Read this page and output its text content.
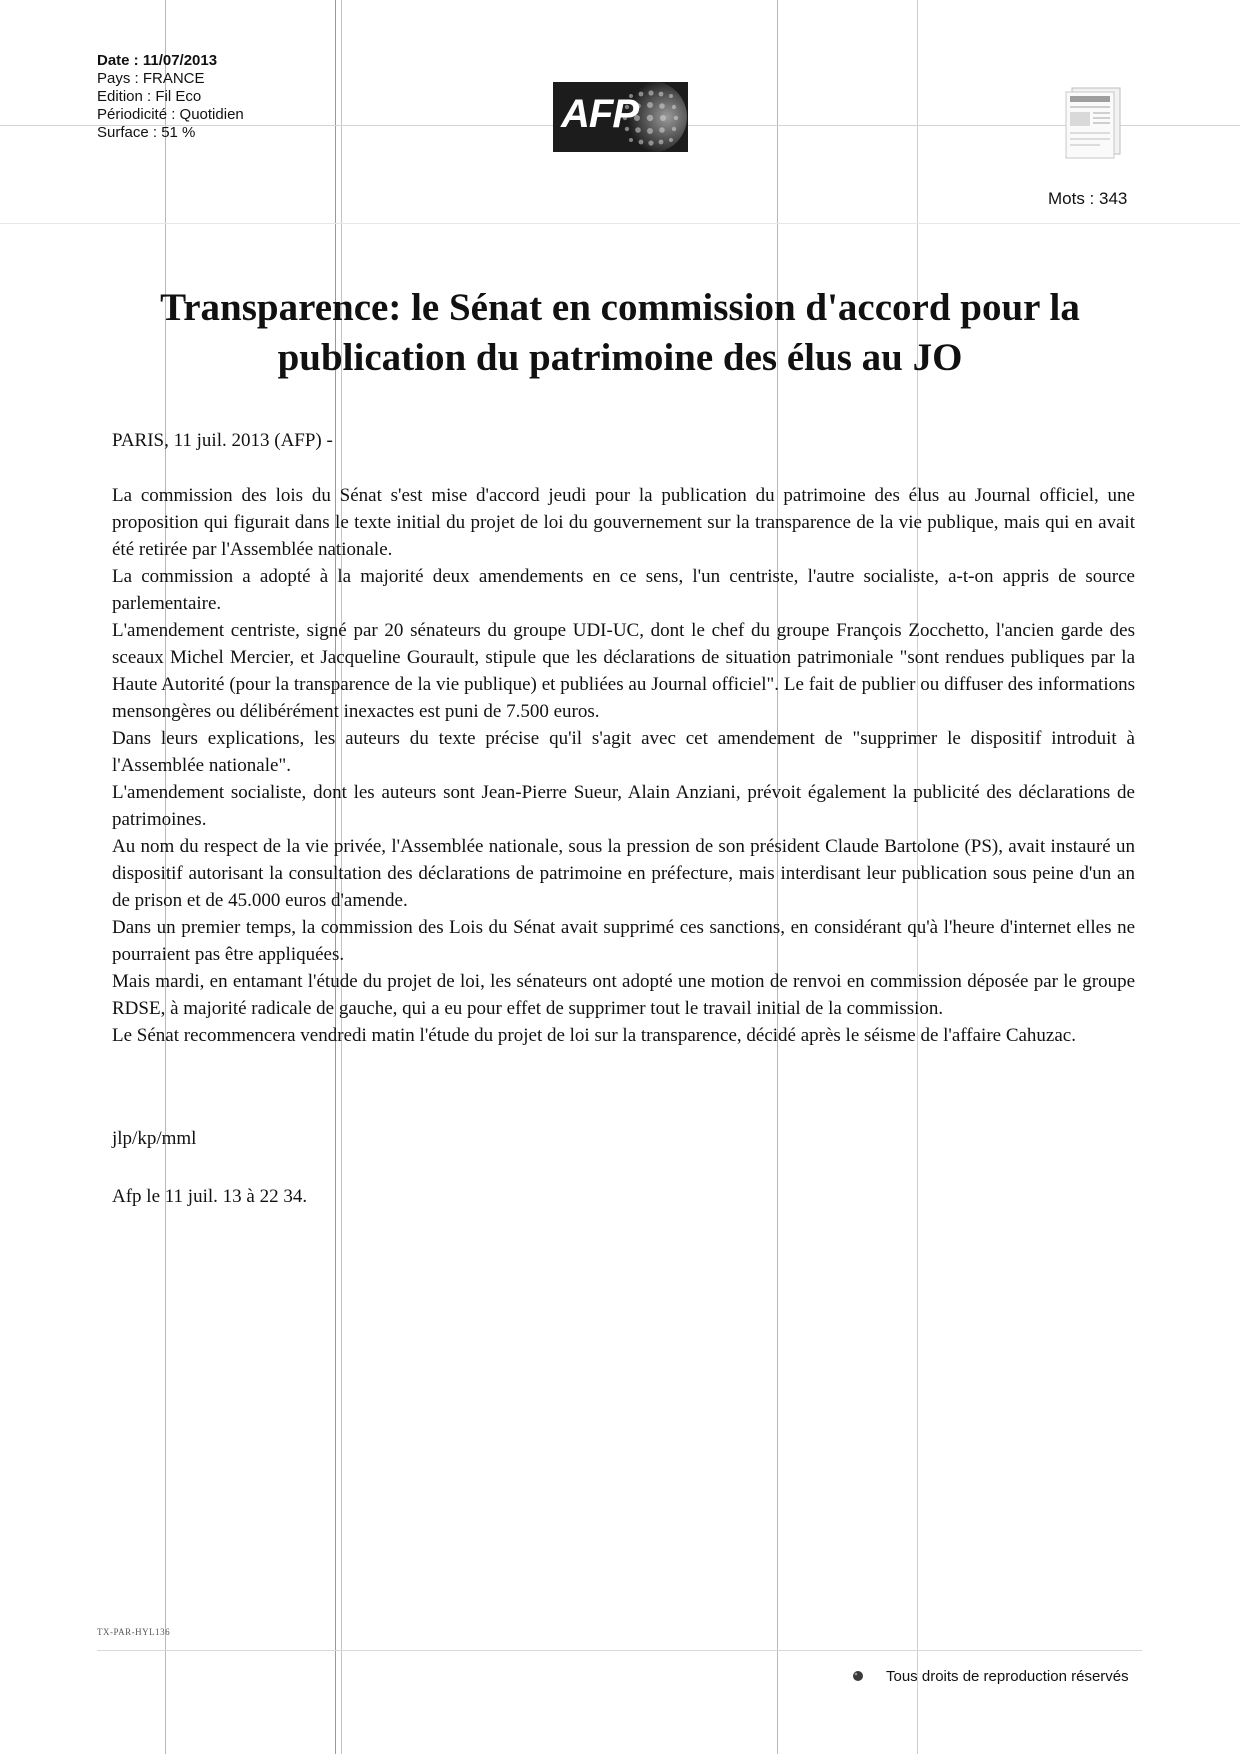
Date : 11/07/2013
Pays : FRANCE
Edition : Fil Eco
Périodicité : Quotidien
Surface : 51 %	AFP
Mots : 343
Transparence: le Sénat en commission d'accord pour la publication du patrimoine des élus au JO
PARIS, 11 juil. 2013 (AFP) -

La commission des lois du Sénat s'est mise d'accord jeudi pour la publication du patrimoine des élus au Journal officiel, une proposition qui figurait dans le texte initial du projet de loi du gouvernement sur la transparence de la vie publique, mais qui en avait été retirée par l'Assemblée nationale.

La commission a adopté à la majorité deux amendements en ce sens, l'un centriste, l'autre socialiste, a-t-on appris de source parlementaire.

L'amendement centriste, signé par 20 sénateurs du groupe UDI-UC, dont le chef du groupe François Zocchetto, l'ancien garde des sceaux Michel Mercier, et Jacqueline Gourault, stipule que les déclarations de situation patrimoniale "sont rendues publiques par la Haute Autorité (pour la transparence de la vie publique) et publiées au Journal officiel". Le fait de publier ou diffuser des informations mensongères ou délibérément inexactes est puni de 7.500 euros.

Dans leurs explications, les auteurs du texte précise qu'il s'agit avec cet amendement de "supprimer le dispositif introduit à l'Assemblée nationale".

L'amendement socialiste, dont les auteurs sont Jean-Pierre Sueur, Alain Anziani, prévoit également la publicité des déclarations de patrimoines.

Au nom du respect de la vie privée, l'Assemblée nationale, sous la pression de son président Claude Bartolone (PS), avait instauré un dispositif autorisant la consultation des déclarations de patrimoine en préfecture, mais interdisant leur publication sous peine d'un an de prison et de 45.000 euros d'amende.

Dans un premier temps, la commission des Lois du Sénat avait supprimé ces sanctions, en considérant qu'à l'heure d'internet elles ne pourraient pas être appliquées.

Mais mardi, en entamant l'étude du projet de loi, les sénateurs ont adopté une motion de renvoi en commission déposée par le groupe RDSE, à majorité radicale de gauche, qui a eu pour effet de supprimer tout le travail initial de la commission.

Le Sénat recommencera vendredi matin l'étude du projet de loi sur la transparence, décidé après le séisme de l'affaire Cahuzac.

jlp/kp/mml
Afp le 11 juil. 13 à 22 34.
TX-PAR-HYL136
Tous droits de reproduction réservés
